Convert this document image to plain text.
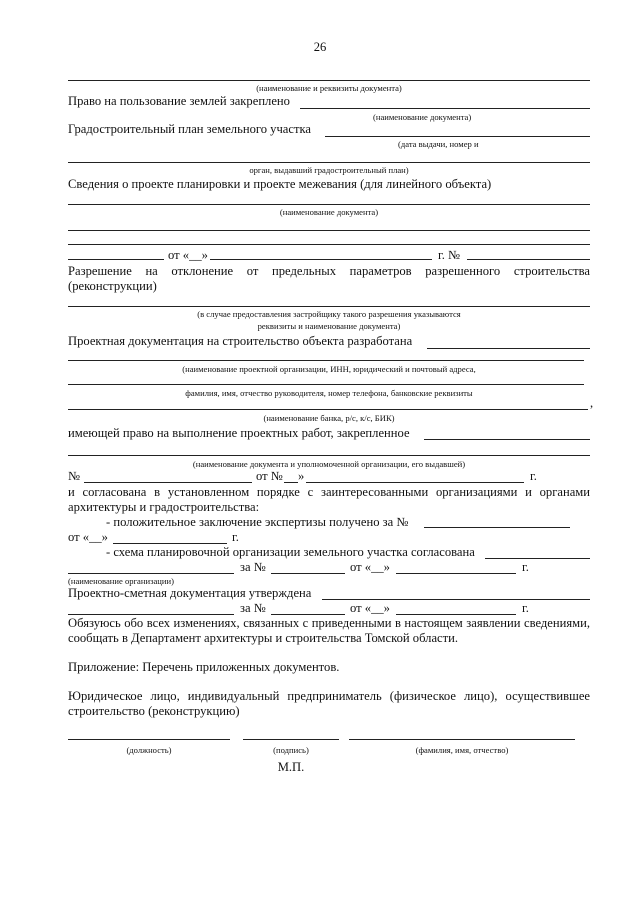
26
(наименование и реквизиты документа)
Право на пользование землей закреплено
(наименование документа)
Градостроительный план земельного участка
(дата выдачи, номер и
орган, выдавший градостроительный план)
Сведения о проекте планировки и проекте межевания (для линейного объекта)
(наименование документа)
от «__»	г. №
Разрешение на отклонение от предельных параметров разрешенного строительства
(реконструкции)
(в случае предоставления застройщику такого разрешения указываются
реквизиты и наименование документа)
Проектная документация на строительство объекта разработана
(наименование проектной организации, ИНН, юридический и почтовый адреса,
фамилия, имя, отчество руководителя, номер телефона, банковские реквизиты
,
(наименование банка, р/с, к/с, БИК)
имеющей право на выполнение проектных работ, закрепленное
(наименование документа и уполномоченной организации, его выдавшей)
№	от № »	г.
и согласована в установленном порядке с заинтересованными организациями и органами
архитектуры и градостроительства:
- положительное заключение экспертизы получено за №
от «__»	г.
- схема планировочной организации земельного участка согласована
за №	от «__»	г.
(наименование организации)
Проектно-сметная документация утверждена
за №	от «__»	г.
Обязуюсь обо всех изменениях, связанных с приведенными в настоящем заявлении сведениями,
сообщать в Департамент архитектуры и строительства Томской области.
Приложение: Перечень приложенных документов.
Юридическое лицо, индивидуальный предприниматель (физическое лицо), осуществившее
строительство (реконструкцию)
(должность)	(подпись)	(фамилия, имя, отчество)
М.П.
